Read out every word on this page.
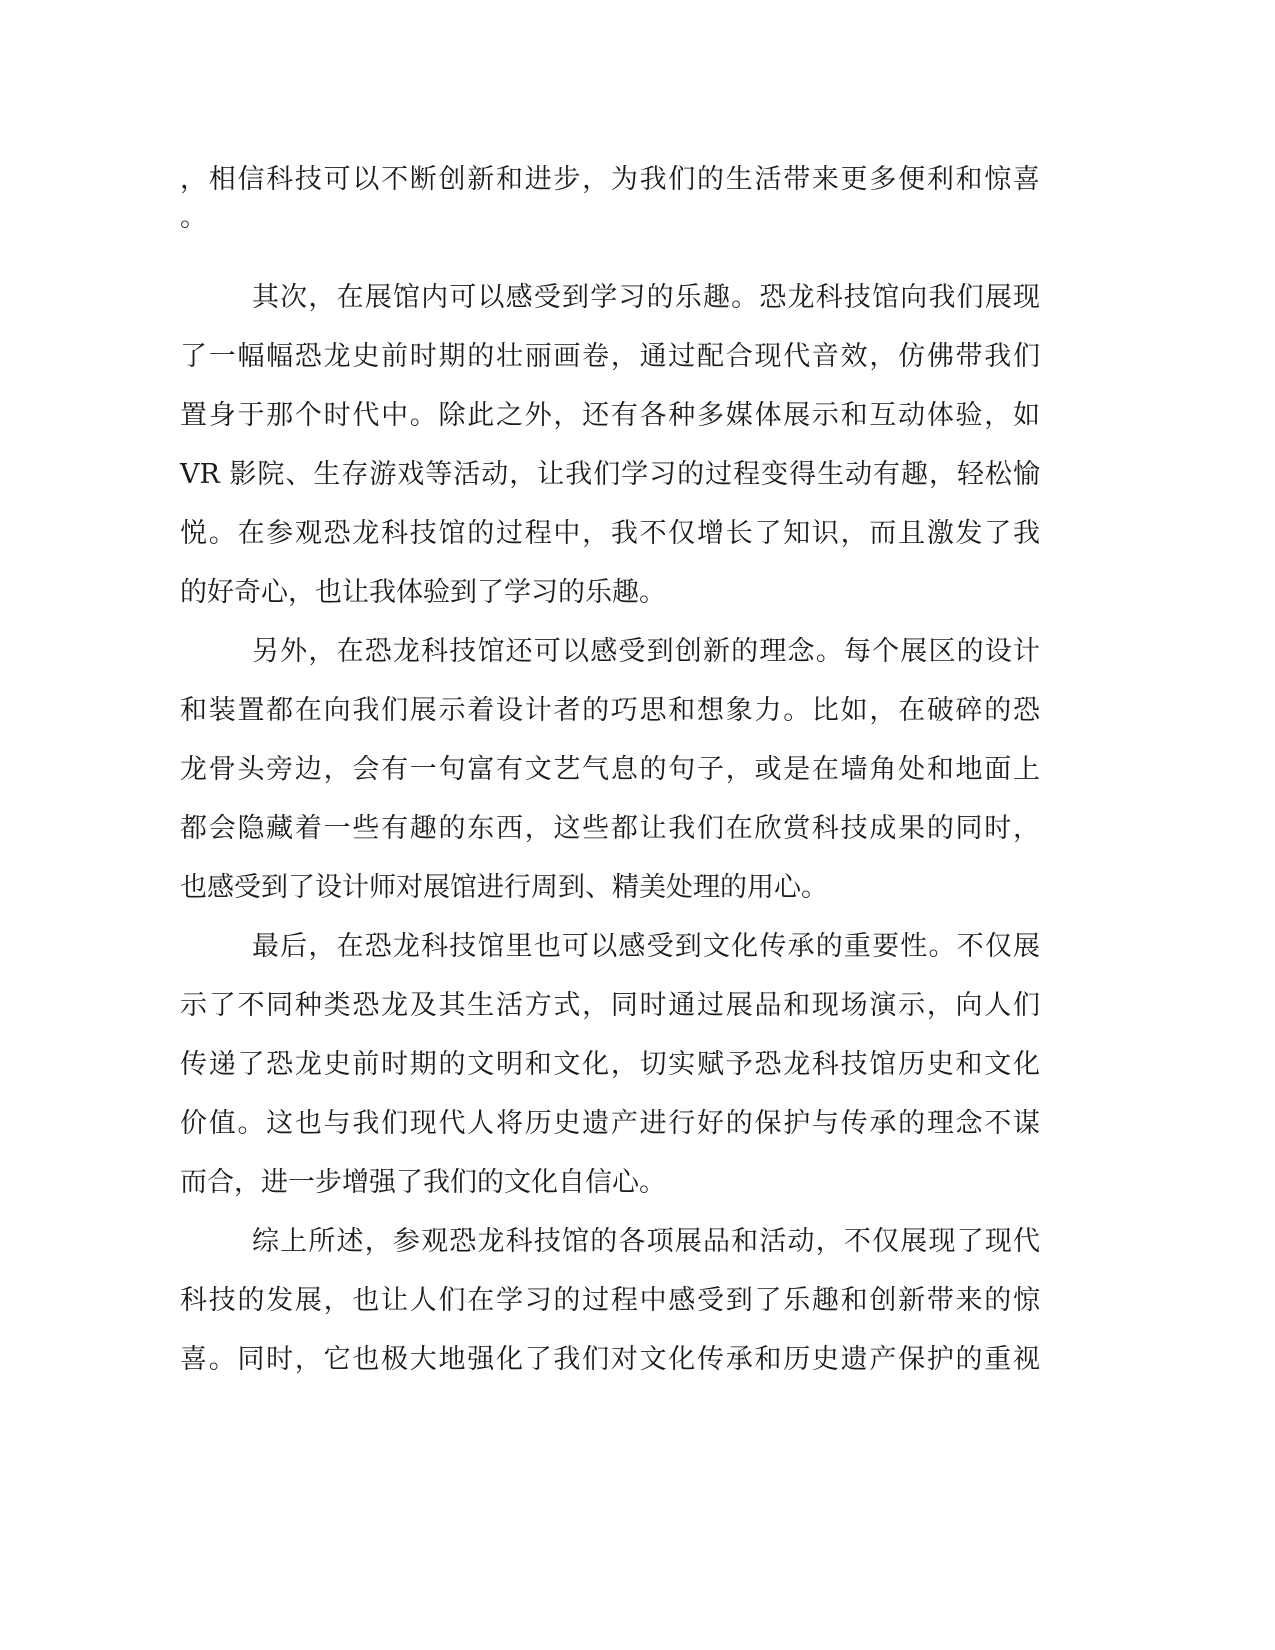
，相信科技可以不断创新和进步，为我们的生活带来更多便利和惊喜
。
其次，在展馆内可以感受到学习的乐趣。恐龙科技馆向我们展现
了一幅幅恐龙史前时期的壮丽画卷，通过配合现代音效，仿佛带我们
置身于那个时代中。除此之外，还有各种多媒体展示和互动体验，如
VR 影院、生存游戏等活动，让我们学习的过程变得生动有趣，轻松愉
悦。在参观恐龙科技馆的过程中，我不仅增长了知识，而且激发了我
的好奇心，也让我体验到了学习的乐趣。
另外，在恐龙科技馆还可以感受到创新的理念。每个展区的设计
和装置都在向我们展示着设计者的巧思和想象力。比如，在破碎的恐
龙骨头旁边，会有一句富有文艺气息的句子，或是在墙角处和地面上
都会隐藏着一些有趣的东西，这些都让我们在欣赏科技成果的同时，
也感受到了设计师对展馆进行周到、精美处理的用心。
最后，在恐龙科技馆里也可以感受到文化传承的重要性。不仅展
示了不同种类恐龙及其生活方式，同时通过展品和现场演示，向人们
传递了恐龙史前时期的文明和文化，切实赋予恐龙科技馆历史和文化
价值。这也与我们现代人将历史遗产进行好的保护与传承的理念不谋
而合，进一步增强了我们的文化自信心。
综上所述，参观恐龙科技馆的各项展品和活动，不仅展现了现代
科技的发展，也让人们在学习的过程中感受到了乐趣和创新带来的惊
喜。同时，它也极大地强化了我们对文化传承和历史遗产保护的重视
